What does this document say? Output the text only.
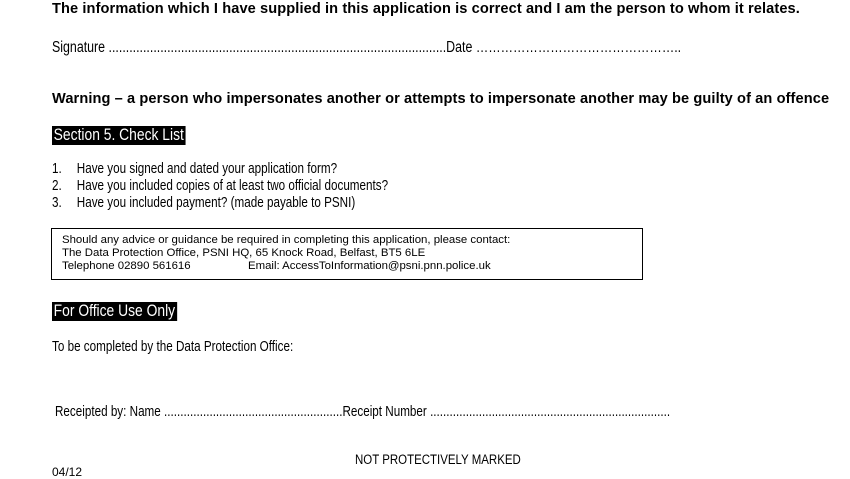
The information which I have supplied in this application is correct and I am the person to whom it relates.
Signature ..................................................................................................Date …………………………………………..
Warning – a person who impersonates another or attempts to impersonate another may be guilty of an offence
Section 5. Check List
1.	Have you signed and dated your application form?
2.	Have you included copies of at least two official documents?
3.	Have you included payment? (made payable to PSNI)
Should any advice or guidance be required in completing this application, please contact:
The Data Protection Office, PSNI HQ, 65 Knock Road, Belfast, BT5 6LE
Telephone 02890 561616	Email: AccessToInformation@psni.pnn.police.uk
For Office Use Only
To be completed by the Data Protection Office:
Receipted by: Name .......................................................Receipt Number ..........................................................................
NOT PROTECTIVELY MARKED
04/12
